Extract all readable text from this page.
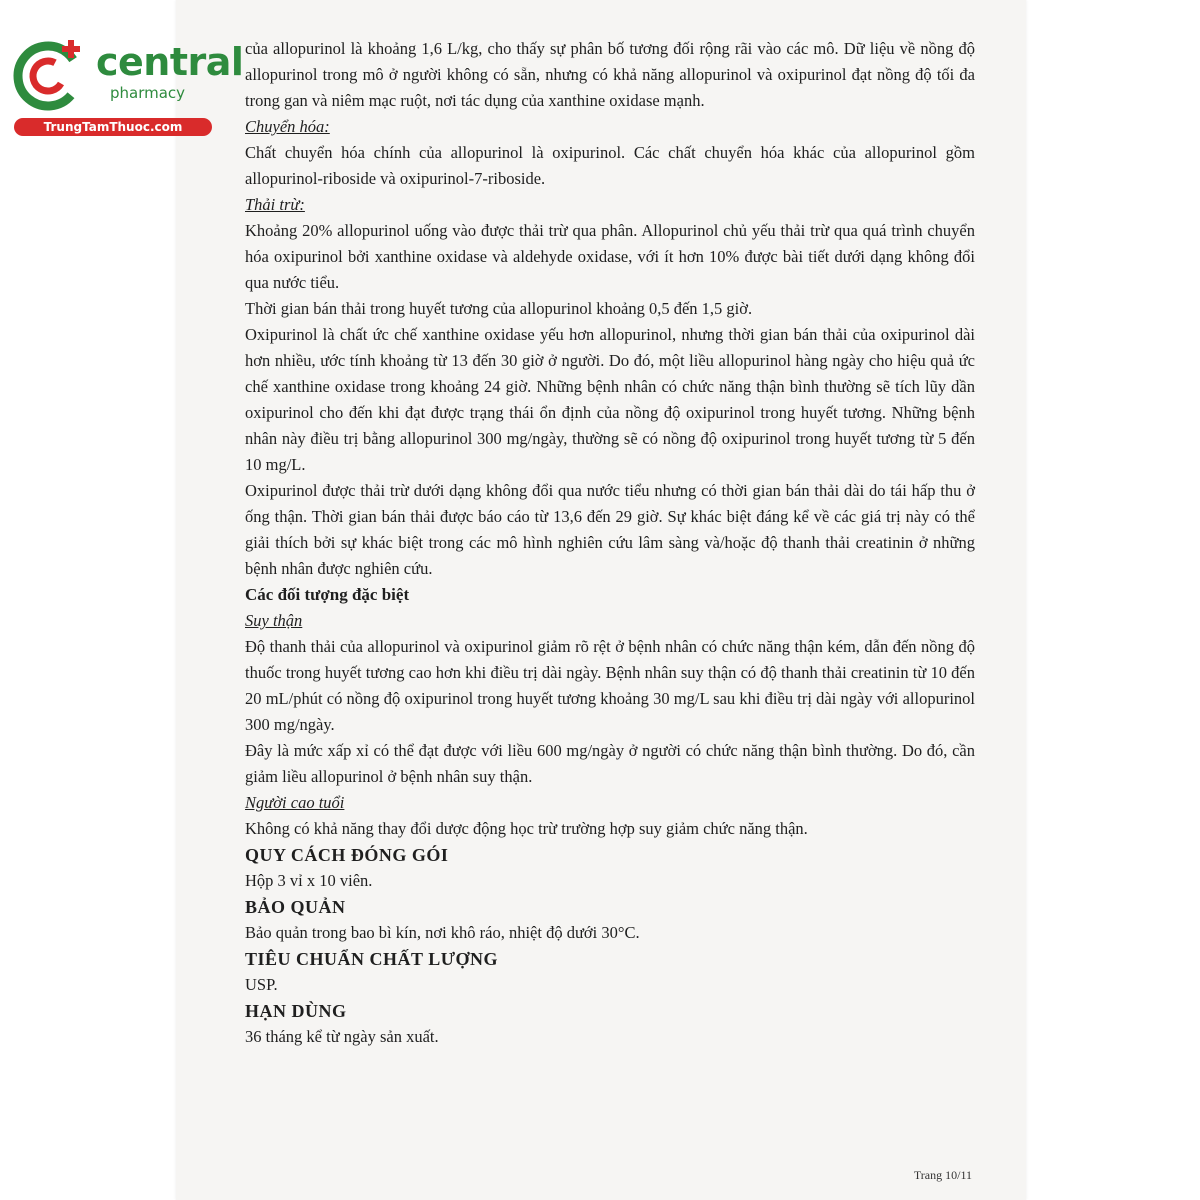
central
pharmacy
TrungTamThuoc.com

của allopurinol là khoảng 1,6 L/kg, cho thấy sự phân bố tương đối rộng rãi vào các mô. Dữ liệu về nồng độ allopurinol trong mô ở người không có sẵn, nhưng có khả năng allopurinol và oxipurinol đạt nồng độ tối đa trong gan và niêm mạc ruột, nơi tác dụng của xanthine oxidase mạnh.

Chuyển hóa:

Chất chuyển hóa chính của allopurinol là oxipurinol. Các chất chuyển hóa khác của allopurinol gồm allopurinol-riboside và oxipurinol-7-riboside.

Thải trừ:

Khoảng 20% allopurinol uống vào được thải trừ qua phân. Allopurinol chủ yếu thải trừ qua quá trình chuyển hóa oxipurinol bởi xanthine oxidase và aldehyde oxidase, với ít hơn 10% được bài tiết dưới dạng không đổi qua nước tiểu.

Thời gian bán thải trong huyết tương của allopurinol khoảng 0,5 đến 1,5 giờ.

Oxipurinol là chất ức chế xanthine oxidase yếu hơn allopurinol, nhưng thời gian bán thải của oxipurinol dài hơn nhiều, ước tính khoảng từ 13 đến 30 giờ ở người. Do đó, một liều allopurinol hàng ngày cho hiệu quả ức chế xanthine oxidase trong khoảng 24 giờ. Những bệnh nhân có chức năng thận bình thường sẽ tích lũy dần oxipurinol cho đến khi đạt được trạng thái ổn định của nồng độ oxipurinol trong huyết tương. Những bệnh nhân này điều trị bằng allopurinol 300 mg/ngày, thường sẽ có nồng độ oxipurinol trong huyết tương từ 5 đến 10 mg/L.

Oxipurinol được thải trừ dưới dạng không đổi qua nước tiểu nhưng có thời gian bán thải dài do tái hấp thu ở ống thận. Thời gian bán thải được báo cáo từ 13,6 đến 29 giờ. Sự khác biệt đáng kể về các giá trị này có thể giải thích bởi sự khác biệt trong các mô hình nghiên cứu lâm sàng và/hoặc độ thanh thải creatinin ở những bệnh nhân được nghiên cứu.

Các đối tượng đặc biệt

Suy thận

Độ thanh thải của allopurinol và oxipurinol giảm rõ rệt ở bệnh nhân có chức năng thận kém, dẫn đến nồng độ thuốc trong huyết tương cao hơn khi điều trị dài ngày. Bệnh nhân suy thận có độ thanh thải creatinin từ 10 đến 20 mL/phút có nồng độ oxipurinol trong huyết tương khoảng 30 mg/L sau khi điều trị dài ngày với allopurinol 300 mg/ngày.

Đây là mức xấp xỉ có thể đạt được với liều 600 mg/ngày ở người có chức năng thận bình thường. Do đó, cần giảm liều allopurinol ở bệnh nhân suy thận.

Người cao tuổi

Không có khả năng thay đổi dược động học trừ trường hợp suy giảm chức năng thận.

QUY CÁCH ĐÓNG GÓI

Hộp 3 vỉ x 10 viên.

BẢO QUẢN

Bảo quản trong bao bì kín, nơi khô ráo, nhiệt độ dưới 30°C.

TIÊU CHUẨN CHẤT LƯỢNG

USP.

HẠN DÙNG

36 tháng kể từ ngày sản xuất.

Trang 10/11
